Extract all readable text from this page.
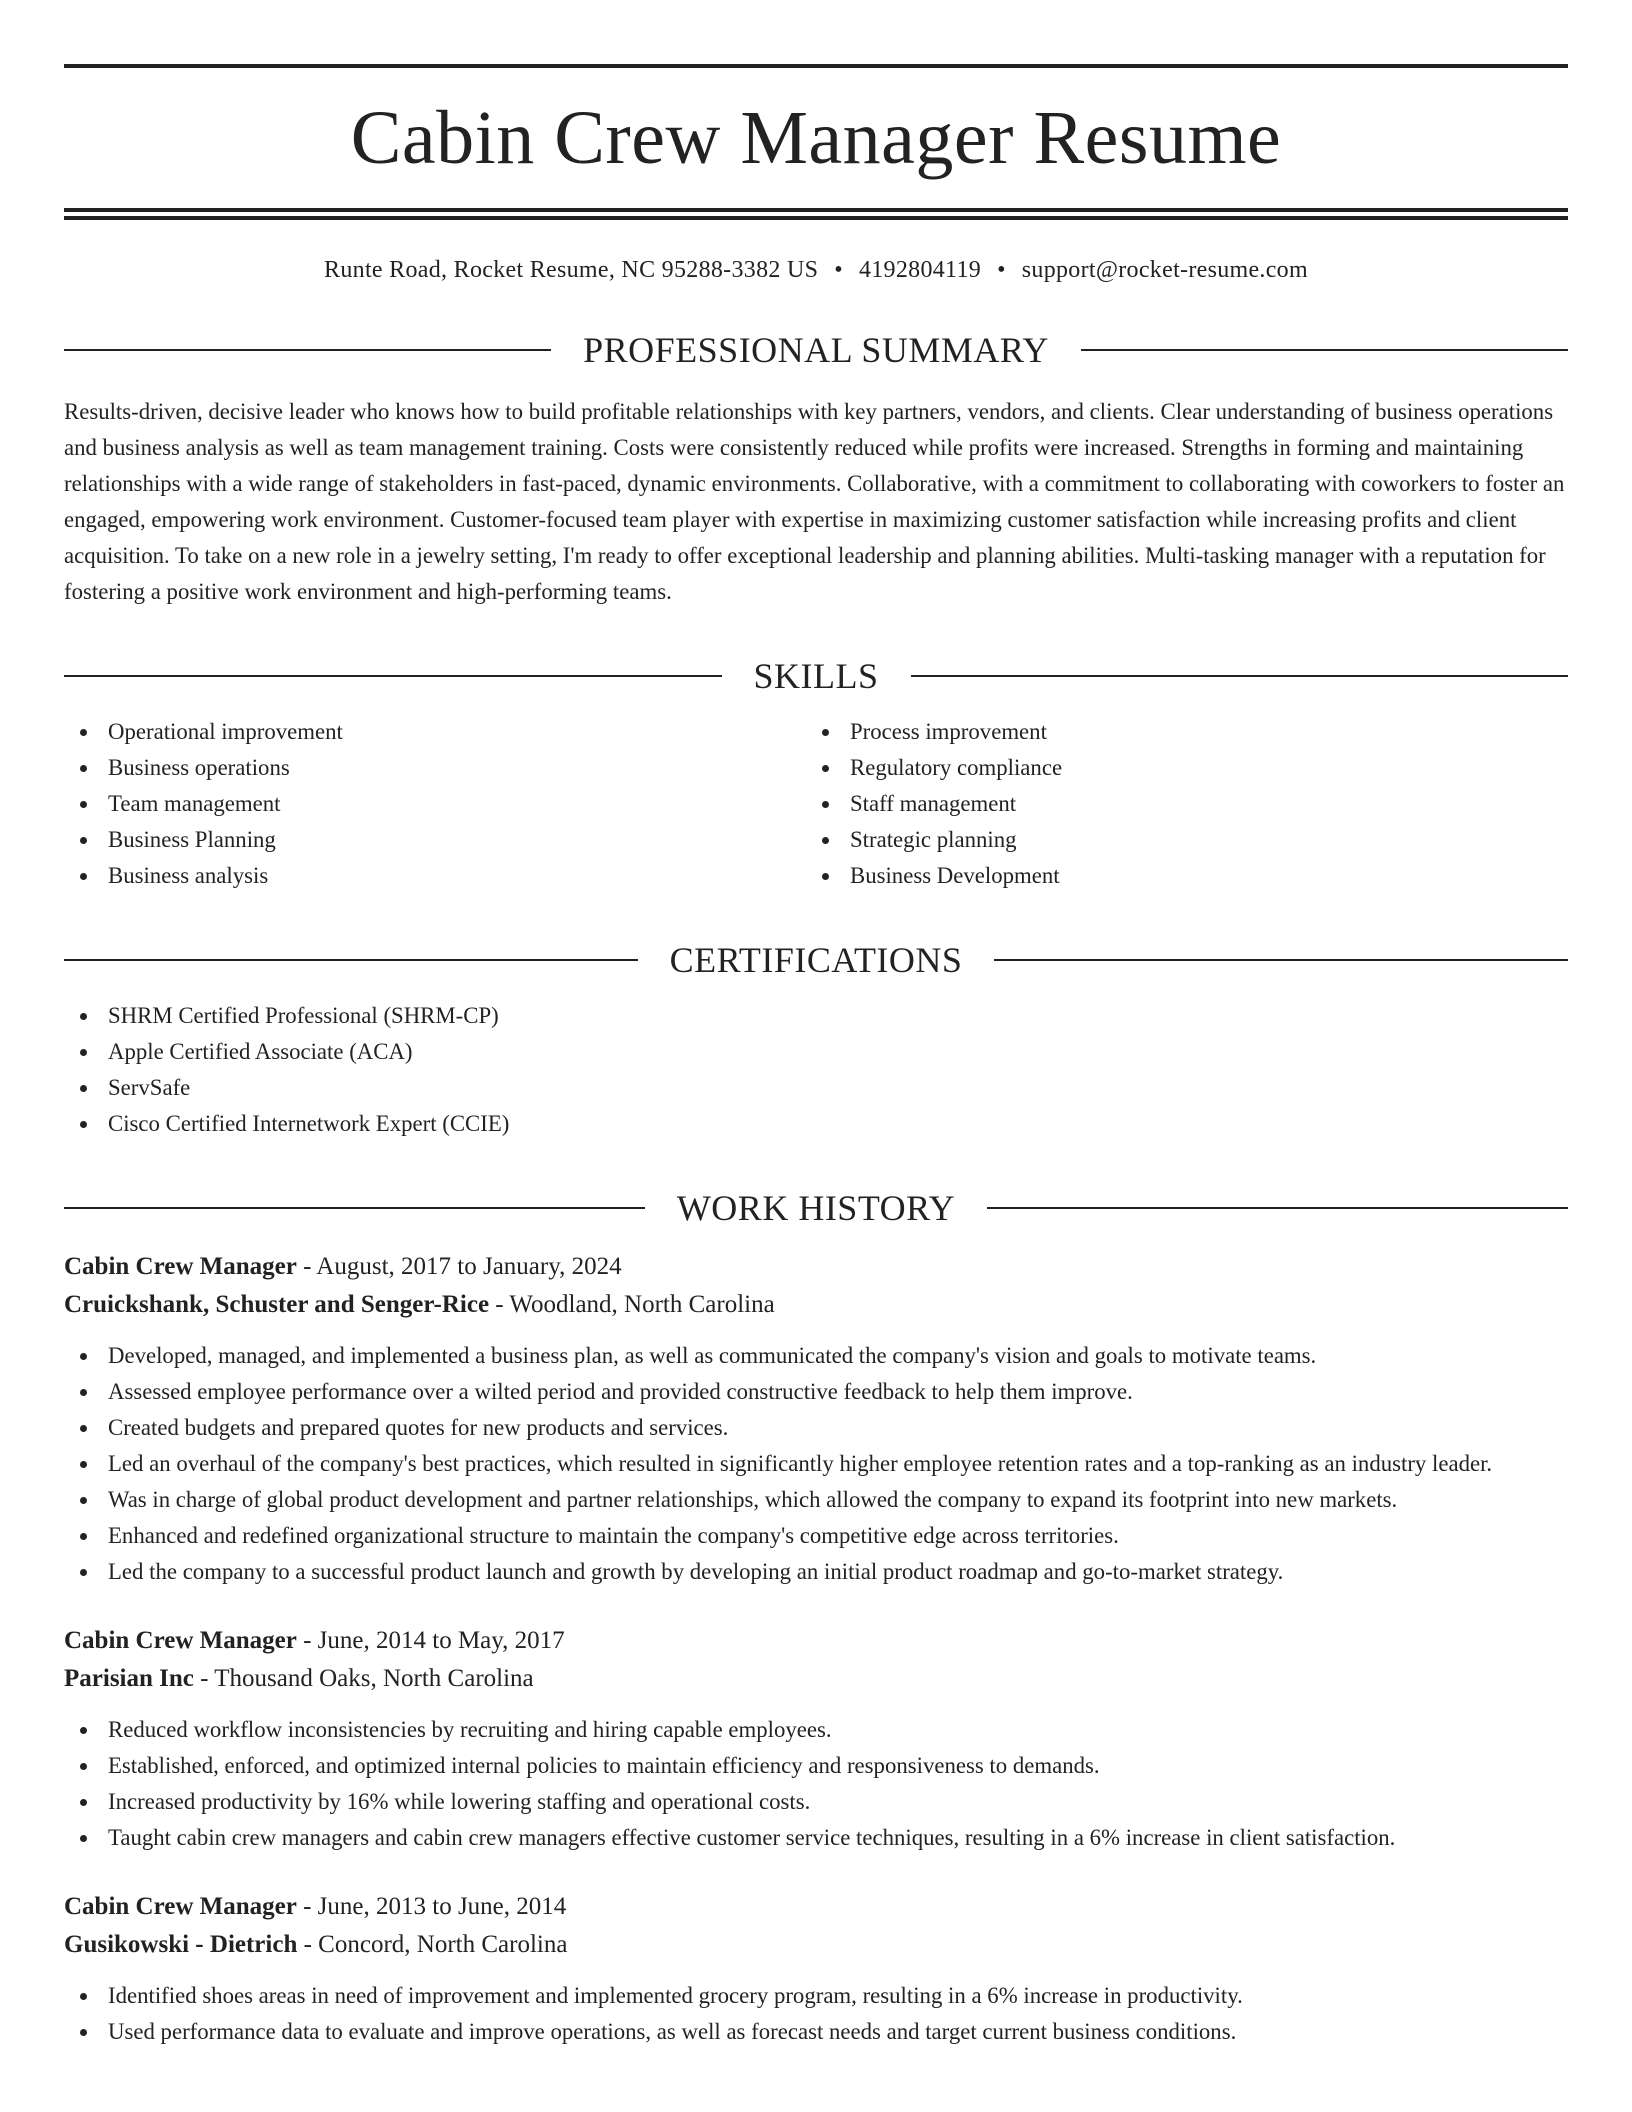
Cabin Crew Manager Resume
Runte Road, Rocket Resume, NC 95288-3382 US • 4192804119 • support@rocket-resume.com
PROFESSIONAL SUMMARY

Results-driven, decisive leader who knows how to build profitable relationships with key partners, vendors, and clients. Clear understanding of business operations and business analysis as well as team management training. Costs were consistently reduced while profits were increased. Strengths in forming and maintaining relationships with a wide range of stakeholders in fast-paced, dynamic environments. Collaborative, with a commitment to collaborating with coworkers to foster an engaged, empowering work environment. Customer-focused team player with expertise in maximizing customer satisfaction while increasing profits and client acquisition. To take on a new role in a jewelry setting, I'm ready to offer exceptional leadership and planning abilities. Multi-tasking manager with a reputation for fostering a positive work environment and high-performing teams.

SKILLS
Operational improvement
Business operations
Team management
Business Planning
Business analysis
Process improvement
Regulatory compliance
Staff management
Strategic planning
Business Development
CERTIFICATIONS
SHRM Certified Professional (SHRM-CP)
Apple Certified Associate (ACA)
ServSafe
Cisco Certified Internetwork Expert (CCIE)
WORK HISTORY
Cabin Crew Manager - August, 2017 to January, 2024
Cruickshank, Schuster and Senger-Rice - Woodland, North Carolina
Developed, managed, and implemented a business plan, as well as communicated the company's vision and goals to motivate teams.
Assessed employee performance over a wilted period and provided constructive feedback to help them improve.
Created budgets and prepared quotes for new products and services.
Led an overhaul of the company's best practices, which resulted in significantly higher employee retention rates and a top-ranking as an industry leader.
Was in charge of global product development and partner relationships, which allowed the company to expand its footprint into new markets.
Enhanced and redefined organizational structure to maintain the company's competitive edge across territories.
Led the company to a successful product launch and growth by developing an initial product roadmap and go-to-market strategy.
Cabin Crew Manager - June, 2014 to May, 2017
Parisian Inc - Thousand Oaks, North Carolina
Reduced workflow inconsistencies by recruiting and hiring capable employees.
Established, enforced, and optimized internal policies to maintain efficiency and responsiveness to demands.
Increased productivity by 16% while lowering staffing and operational costs.
Taught cabin crew managers and cabin crew managers effective customer service techniques, resulting in a 6% increase in client satisfaction.
Cabin Crew Manager - June, 2013 to June, 2014
Gusikowski - Dietrich - Concord, North Carolina
Identified shoes areas in need of improvement and implemented grocery program, resulting in a 6% increase in productivity.
Used performance data to evaluate and improve operations, as well as forecast needs and target current business conditions.
